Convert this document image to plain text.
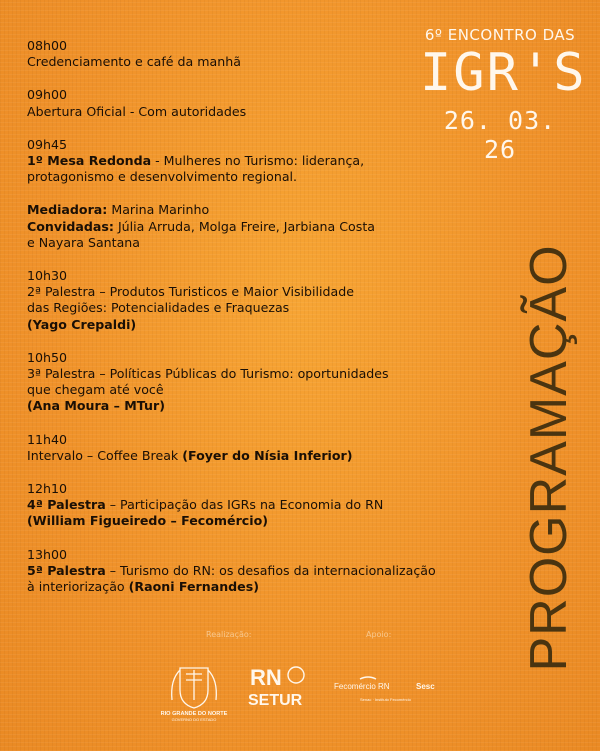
08h00
Credenciamento e café da manhã
09h00
Abertura Oficial - Com autoridades
09h45
1º Mesa Redonda - Mulheres no Turismo: liderança,
protagonismo e desenvolvimento regional.
Mediadora: Marina Marinho
Convidadas: Júlia Arruda, Molga Freire, Jarbiana Costa
e Nayara Santana
10h30
2ª Palestra – Produtos Turisticos e Maior Visibilidade
das Regiões: Potencialidades e Fraquezas
(Yago Crepaldi)
10h50
3ª Palestra – Políticas Públicas do Turismo: oportunidades
que chegam até você
(Ana Moura – MTur)
11h40
Intervalo – Coffee Break (Foyer do Nísia Inferior)
12h10
4ª Palestra – Participação das IGRs na Economia do RN
(William Figueiredo – Fecomércio)
13h00
5ª Palestra – Turismo do RN: os desafios da internacionalização
à interiorização (Raoni Fernandes)
6º ENCONTRO DAS
IGR'S
26. 03. 26
PROGRAMAÇÃO
Realização:	Apoio:
RIO GRANDE DO NORTE
GOVERNO DO ESTADO
RN
SETUR
Fecomércio RN	Sesc
Senac · Instituto Fecomércio
